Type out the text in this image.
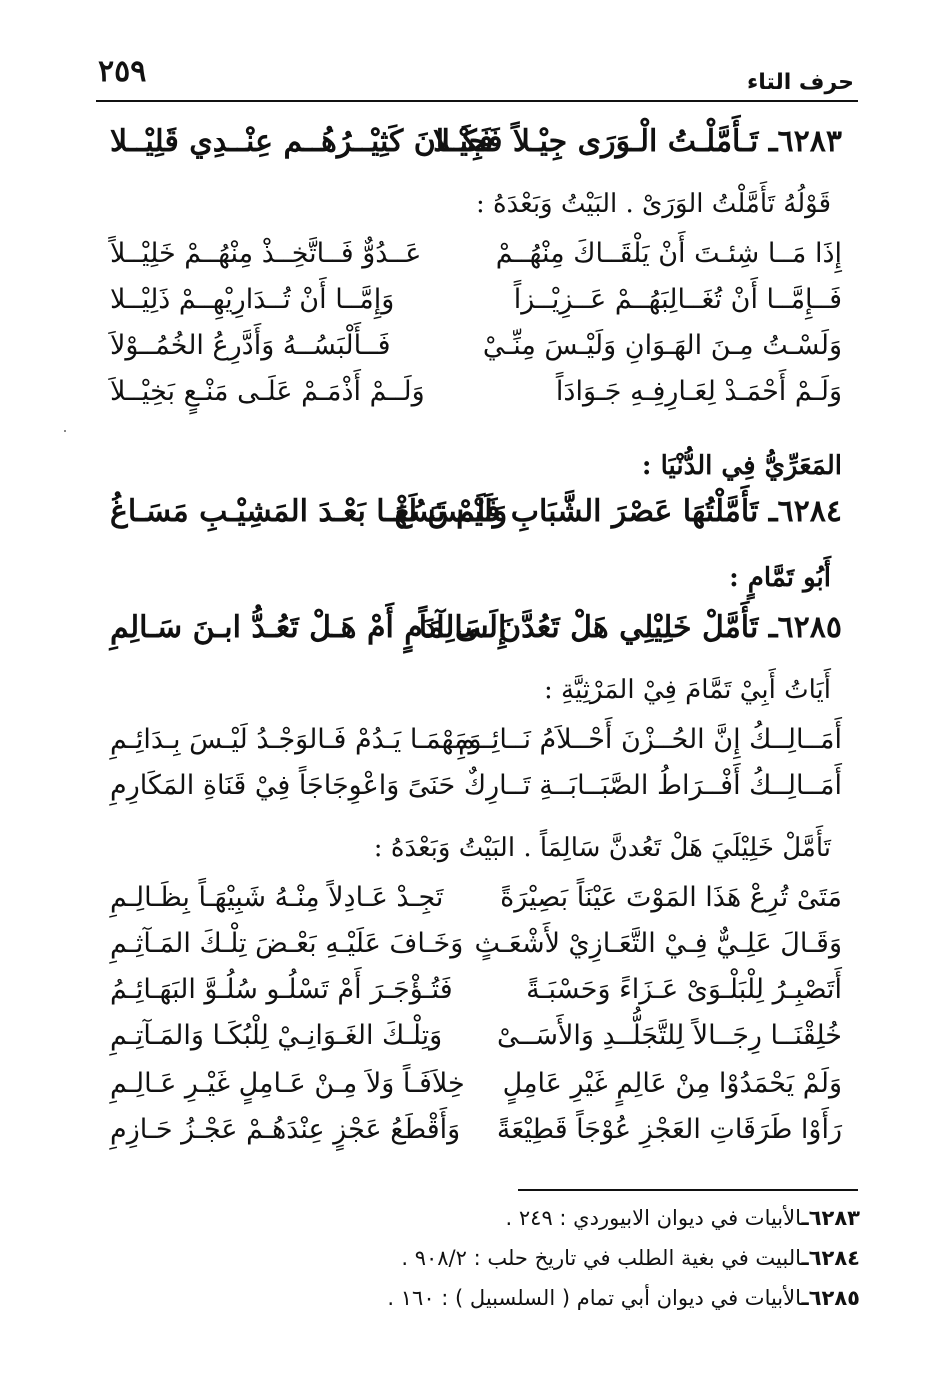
٢٥٩	حرف التاء
٦٢٨٣ـ تَـأَمَّلْـتُ الْـوَرَى جِيْـلاً فَجِيْـلا
فَكَــانَ كَثِيْــرُهُــم عِنْــدِي قَلِيْــلا
قَوْلُهُ تَأَمَّلْتُ الوَرَىْ . البَيْتُ وَبَعْدَهُ :
إِذَا مَــا شِئـتَ أَنْ يَلْقَــاكَ مِنْهُــمْ
عَــدُوٌّ فَــاتَّخِــذْ مِنْهُــمْ خَلِيْــلاً
فَــإِمَّــا أَنْ تُغَــالِبَهُــمْ عَــزِيْــزاً
وَإِمَّــا أَنْ تُــدَارِيْهِــمْ ذَلِيْــلا
وَلَسْـتُ مِـنَ الهَـوَانِ وَلَيْـسَ مِنِّـيْ
فَــأَلْبَسُــهُ وَأَدَّرِعُ الخُمُــوْلاَ
وَلَـمْ أَحْمَـدْ لِعَـارِفِـهِ جَـوَادَاً
وَلَــمْ أَذْمَـمْ عَلَـى مَنْـعٍ بَخِيْــلاَ
المَعَرِّيُّ فِي الدُّنْيَا :
٦٢٨٤ـ تَأَمَّلْتُهَا عَصْرَ الشَّبَابِ فَلَمْ تَسُغْ
وَلَيْـسَ لَهَـا بَعْـدَ المَشِيْـبِ مَسَـاغُ
أَبُو تَمَّامٍ :
٦٢٨٥ـ تَأَمَّلْ خَلِيْلِي هَلْ تَعُدَّنَ سَالِمَاً
إِلَـى آدَمٍ أَمْ هَـلْ تَعُـدُّ ابـنَ سَـالِمِ
أَيَاتُ أَبِيْ تَمَّامَ فِيْ المَرْثِيَّةِ :
أَمَــالِــكُ إِنَّ الحُــزْنَ أَحْــلاَمُ نَــائِــمِ
وَمَهْمَـا يَـدُمْ فَـالوَجْـدُ لَيْـسَ بِـدَائِـمِ
أَمَــالِــكُ أَفْــرَاطُ الصَّبَــابَــةِ تَــارِكٌ
حَنَىً وَاعْوِجَاجَاً فِيْ قَنَاةِ المَكَارِمِ
تَأَمَّلْ خَلِيْلَيَ هَلْ تَعُدنَّ سَالِمَاً . البَيْتُ وَبَعْدَهُ :
مَتَىْ تُرِعْ هَذَا المَوْتَ عَيْنَاً بَصِيْرَةً
تَجِـدْ عَـادِلاً مِنْـهُ شَبِيْهَـاً بِظَـالِـمِ
وَقَـالَ عَلِـيٌّ فِـيْ التَّعَـازِيْ لأَشْعَـثٍ
وَخَـافَ عَلَيْـهِ بَعْـضَ تِلْـكَ المَـآثِـمِ
أَتَصْبِـرُ لِلْبَلْـوَىْ عَـزَاءً وَحَسْبَـةً
فَتُـؤْجَـرَ أَمْ تَسْلُـو سُلُـوَّ البَهَـائِـمُ
خُلِقْنَــا رِجَــالاً لِلتَّجَلُّــدِ وَالأَسَــىْ
وَتِلْـكَ الغَـوَانِـيْ لِلْبُكَـا وَالمَـآتِـمِ
وَلَمْ يَحْمَدُوْا مِنْ عَالِمٍ غَيْرِ عَامِلٍ
خِلاَفَـاً وَلاَ مِـنْ عَـامِلٍ غَيْـرِ عَـالِـمِ
رَأَوْا طَرَقَاتِ العَجْزِ عُوْجَاً قَطِيْعَةً
وَأَقْطَعُ عَجْزٍ عِنْدَهُـمْ عَجْـزُ حَـازِمِ
٦٢٨٣ـالأبيات في ديوان الابيوردي : ٢٤٩ .
٦٢٨٤ـالبيت في بغية الطلب في تاريخ حلب : ٩٠٨/٢ .
٦٢٨٥ـالأبيات في ديوان أبي تمام ( السلسبيل ) : ١٦٠ .
